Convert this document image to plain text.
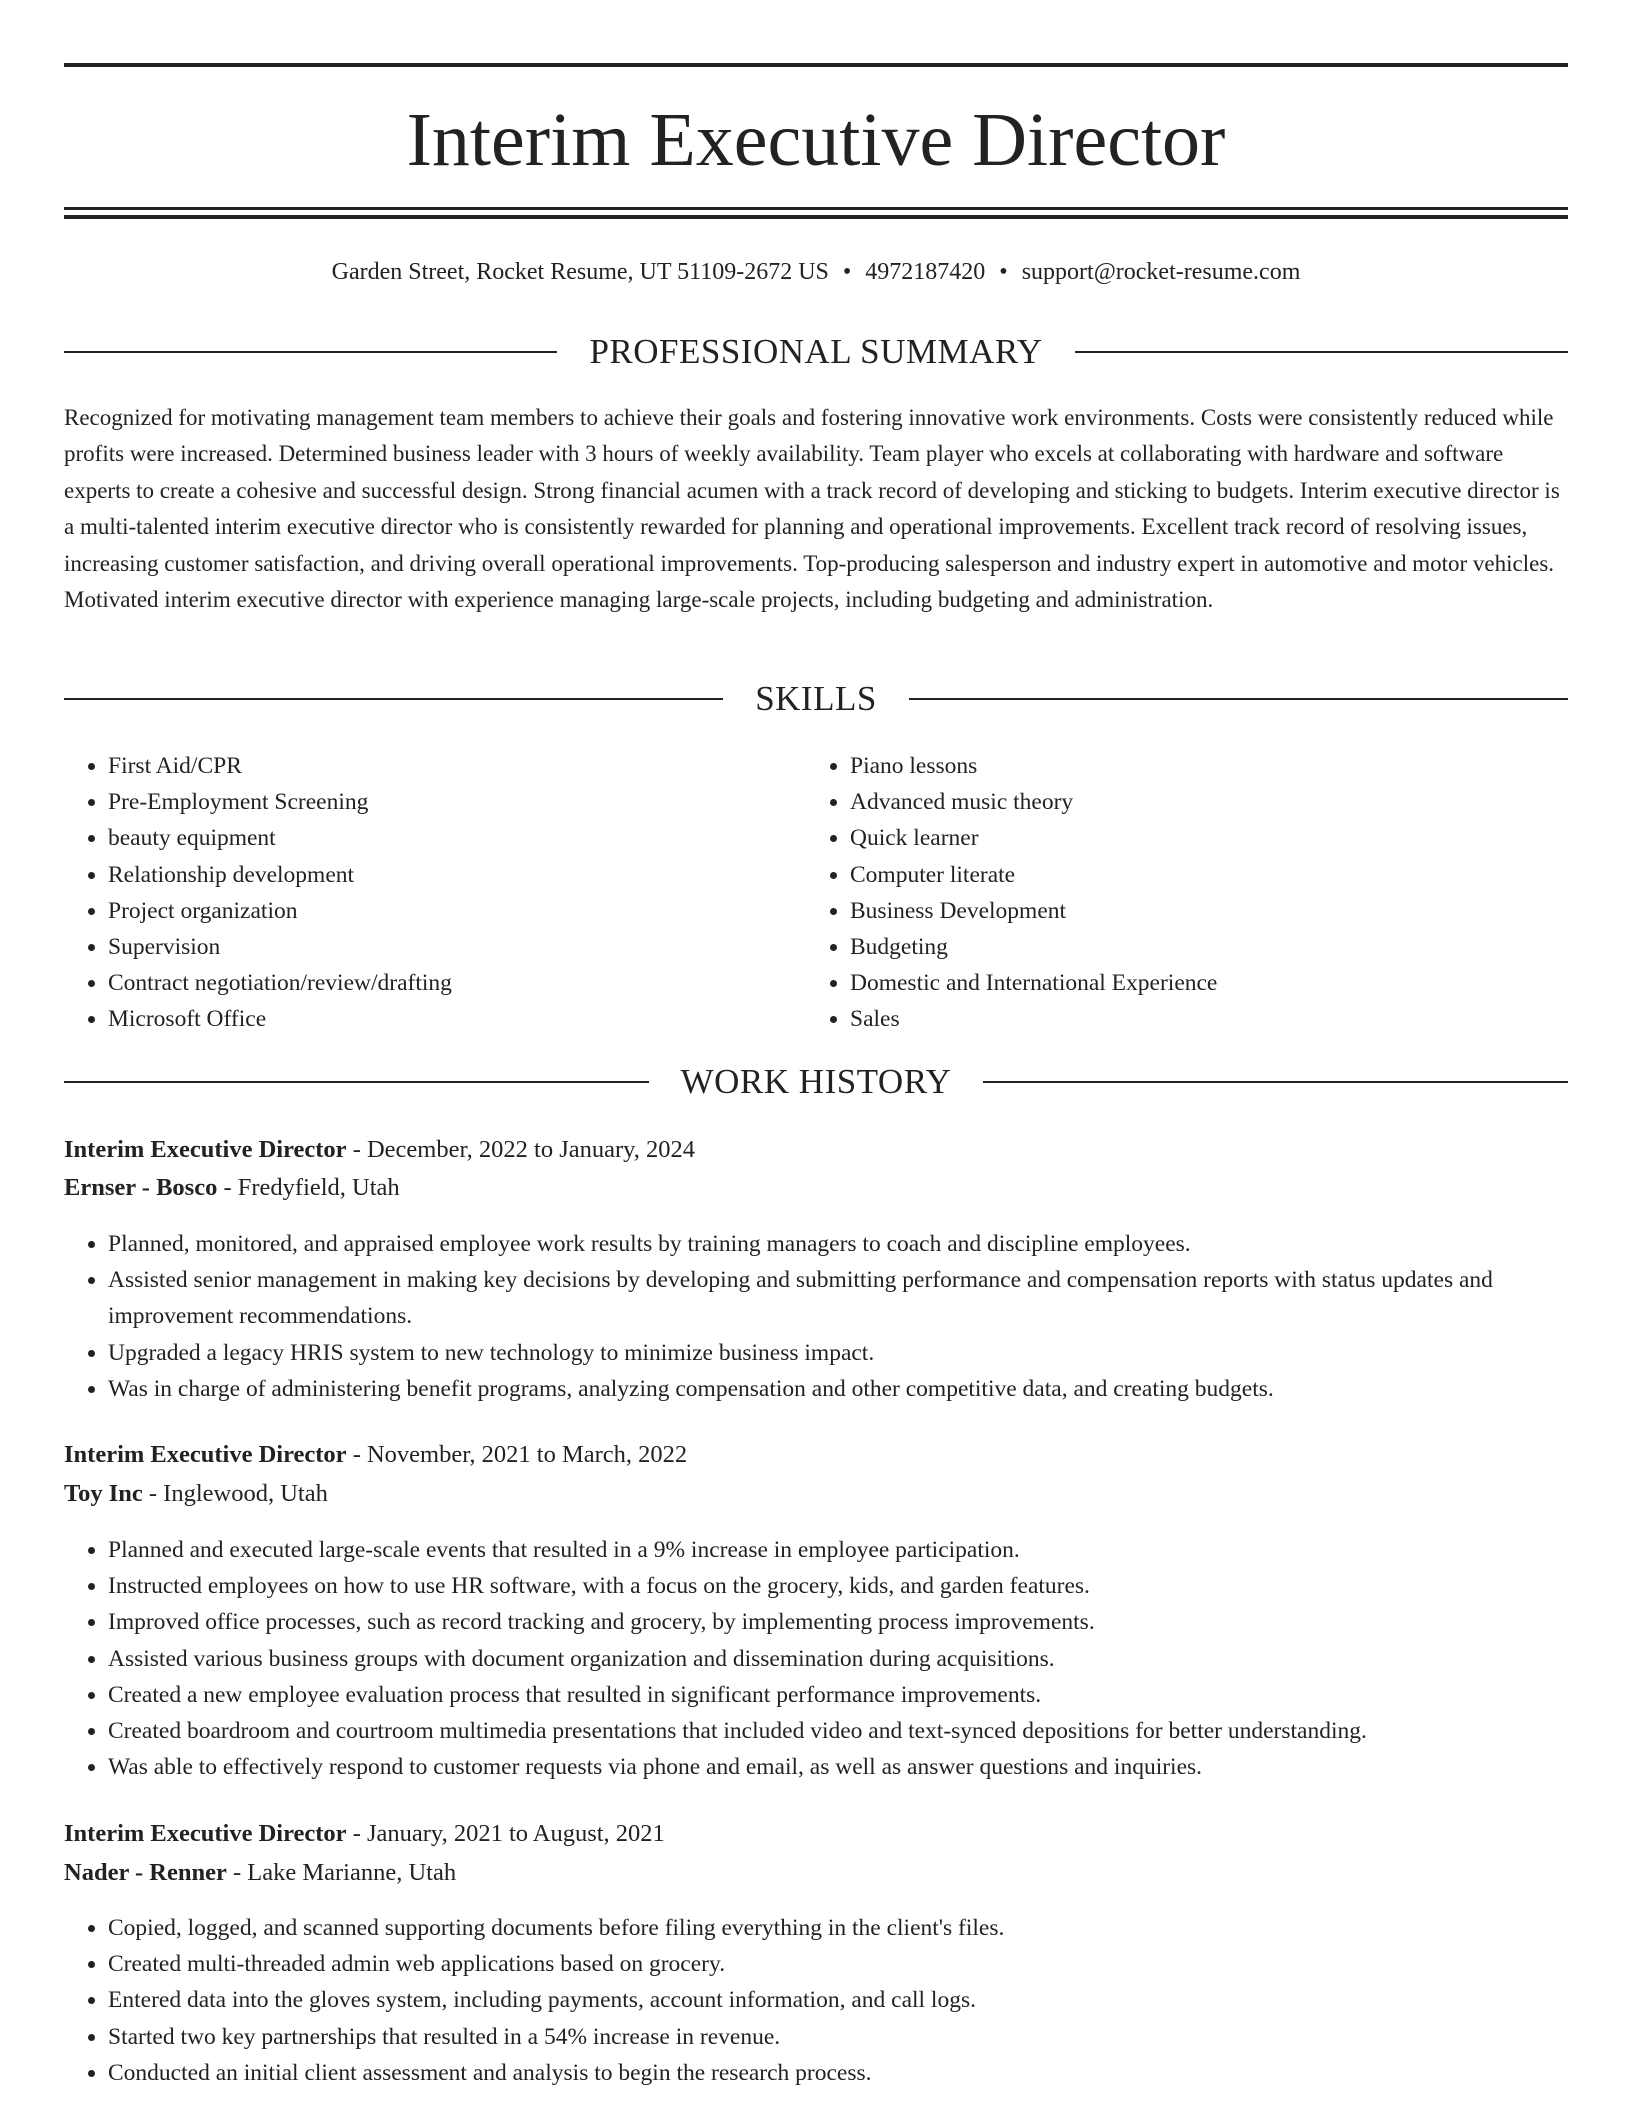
Interim Executive Director
Garden Street, Rocket Resume, UT 51109-2672 US • 4972187420 • support@rocket-resume.com
PROFESSIONAL SUMMARY

Recognized for motivating management team members to achieve their goals and fostering innovative work environments. Costs were consistently reduced while profits were increased. Determined business leader with 3 hours of weekly availability. Team player who excels at collaborating with hardware and software experts to create a cohesive and successful design. Strong financial acumen with a track record of developing and sticking to budgets. Interim executive director is a multi-talented interim executive director who is consistently rewarded for planning and operational improvements. Excellent track record of resolving issues, increasing customer satisfaction, and driving overall operational improvements. Top-producing salesperson and industry expert in automotive and motor vehicles. Motivated interim executive director with experience managing large-scale projects, including budgeting and administration.

SKILLS
• First Aid/CPR
• Pre-Employment Screening
• beauty equipment
• Relationship development
• Project organization
• Supervision
• Contract negotiation/review/drafting
• Microsoft Office
• Piano lessons
• Advanced music theory
• Quick learner
• Computer literate
• Business Development
• Budgeting
• Domestic and International Experience
• Sales
WORK HISTORY

Interim Executive Director - December, 2022 to January, 2024

Ernser - Bosco - Fredyfield, Utah

• Planned, monitored, and appraised employee work results by training managers to coach and discipline employees.
• Assisted senior management in making key decisions by developing and submitting performance and compensation reports with status updates and improvement recommendations.
• Upgraded a legacy HRIS system to new technology to minimize business impact.
• Was in charge of administering benefit programs, analyzing compensation and other competitive data, and creating budgets.

Interim Executive Director - November, 2021 to March, 2022

Toy Inc - Inglewood, Utah

• Planned and executed large-scale events that resulted in a 9% increase in employee participation.
• Instructed employees on how to use HR software, with a focus on the grocery, kids, and garden features.
• Improved office processes, such as record tracking and grocery, by implementing process improvements.
• Assisted various business groups with document organization and dissemination during acquisitions.
• Created a new employee evaluation process that resulted in significant performance improvements.
• Created boardroom and courtroom multimedia presentations that included video and text-synced depositions for better understanding.
• Was able to effectively respond to customer requests via phone and email, as well as answer questions and inquiries.

Interim Executive Director - January, 2021 to August, 2021

Nader - Renner - Lake Marianne, Utah

• Copied, logged, and scanned supporting documents before filing everything in the client's files.
• Created multi-threaded admin web applications based on grocery.
• Entered data into the gloves system, including payments, account information, and call logs.
• Started two key partnerships that resulted in a 54% increase in revenue.
• Conducted an initial client assessment and analysis to begin the research process.
